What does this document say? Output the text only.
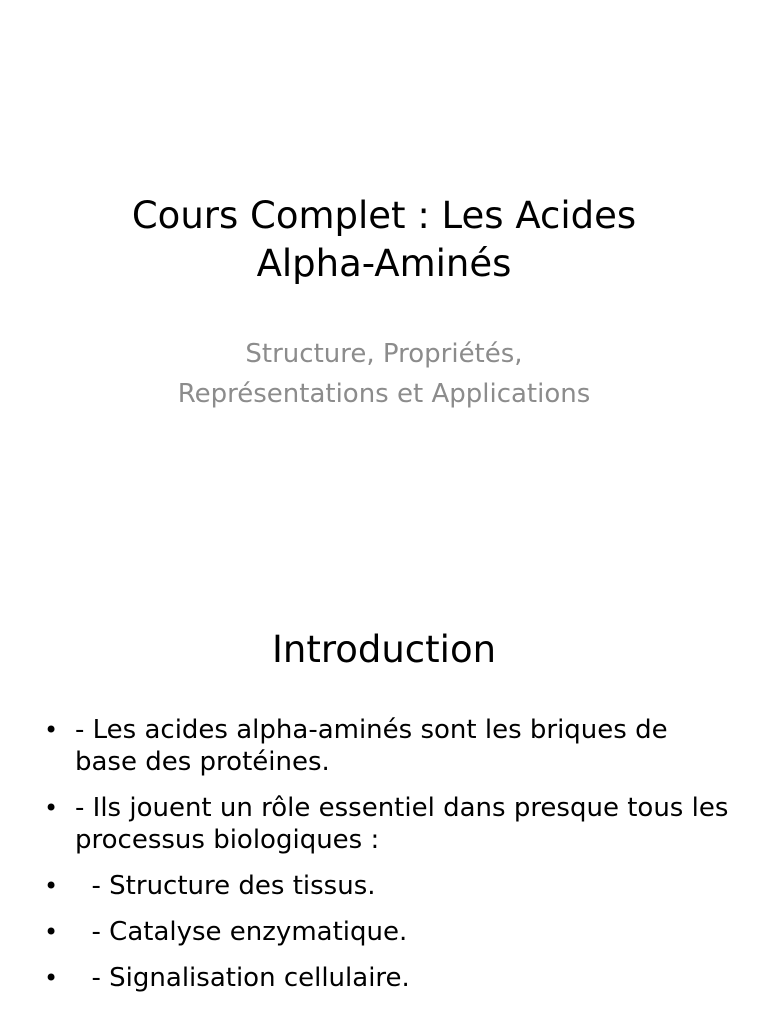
Cours Complet : Les Acides
Alpha-Aminés

Structure, Propriétés,
Représentations et Applications

Introduction
• - Les acides alpha-aminés sont les briques de base des protéines.
• - Ils jouent un rôle essentiel dans presque tous les processus biologiques :
• - Structure des tissus.
• - Catalyse enzymatique.
• - Signalisation cellulaire.
